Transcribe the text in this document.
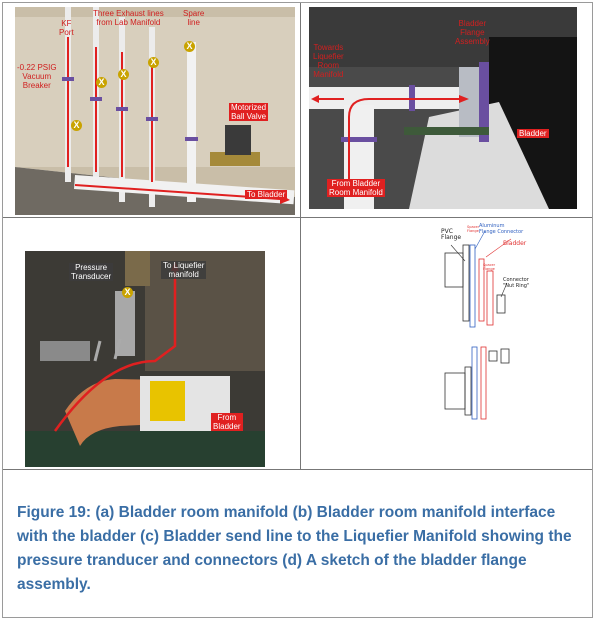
X
X
X
X
X
KF
Port
-0.22 PSIG
Vacuum
Breaker
Three Exhaust lines
from Lab Manifold
Spare
line
Motorized
Ball Valve
To Bladder
Towards
Liquefier
Room
Manifold
Bladder
Flange
Assembly
Bladder
From Bladder
Room Manifold
X
Pressure
Transducer
To Liquefier
manifold
From
Bladder
PVC
Flange
Aluminum
Flange Connector
Bladder
Connector
"Nut Ring"
Spacer
Flange
Spacer
Flange
Figure 19: (a) Bladder room manifold (b) Bladder room manifold interface with the bladder (c) Bladder send line to the Liquefier Manifold showing the pressure tranducer and connectors (d) A sketch of the bladder flange assembly.
